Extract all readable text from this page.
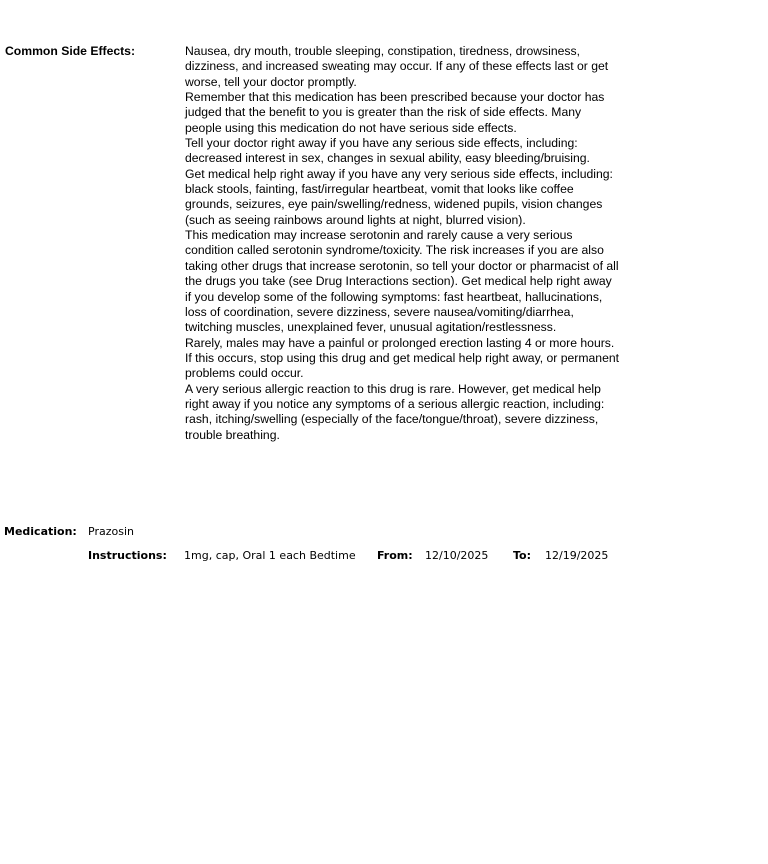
Common Side Effects:	Nausea, dry mouth, trouble sleeping, constipation, tiredness, drowsiness, dizziness, and increased sweating may occur. If any of these effects last or get worse, tell your doctor promptly.

Remember that this medication has been prescribed because your doctor has judged that the benefit to you is greater than the risk of side effects. Many people using this medication do not have serious side effects.

Tell your doctor right away if you have any serious side effects, including: decreased interest in sex, changes in sexual ability, easy bleeding/bruising.

Get medical help right away if you have any very serious side effects, including: black stools, fainting, fast/irregular heartbeat, vomit that looks like coffee grounds, seizures, eye pain/swelling/redness, widened pupils, vision changes (such as seeing rainbows around lights at night, blurred vision).

This medication may increase serotonin and rarely cause a very serious condition called serotonin syndrome/toxicity. The risk increases if you are also taking other drugs that increase serotonin, so tell your doctor or pharmacist of all the drugs you take (see Drug Interactions section). Get medical help right away if you develop some of the following symptoms: fast heartbeat, hallucinations, loss of coordination, severe dizziness, severe nausea/vomiting/diarrhea, twitching muscles, unexplained fever, unusual agitation/restlessness.

Rarely, males may have a painful or prolonged erection lasting 4 or more hours. If this occurs, stop using this drug and get medical help right away, or permanent problems could occur.

A very serious allergic reaction to this drug is rare. However, get medical help right away if you notice any symptoms of a serious allergic reaction, including: rash, itching/swelling (especially of the face/tongue/throat), severe dizziness, trouble breathing.

Medication: Prazosin
Instructions: 1mg, cap, Oral 1 each Bedtime From: 12/10/2025 To: 12/19/2025
